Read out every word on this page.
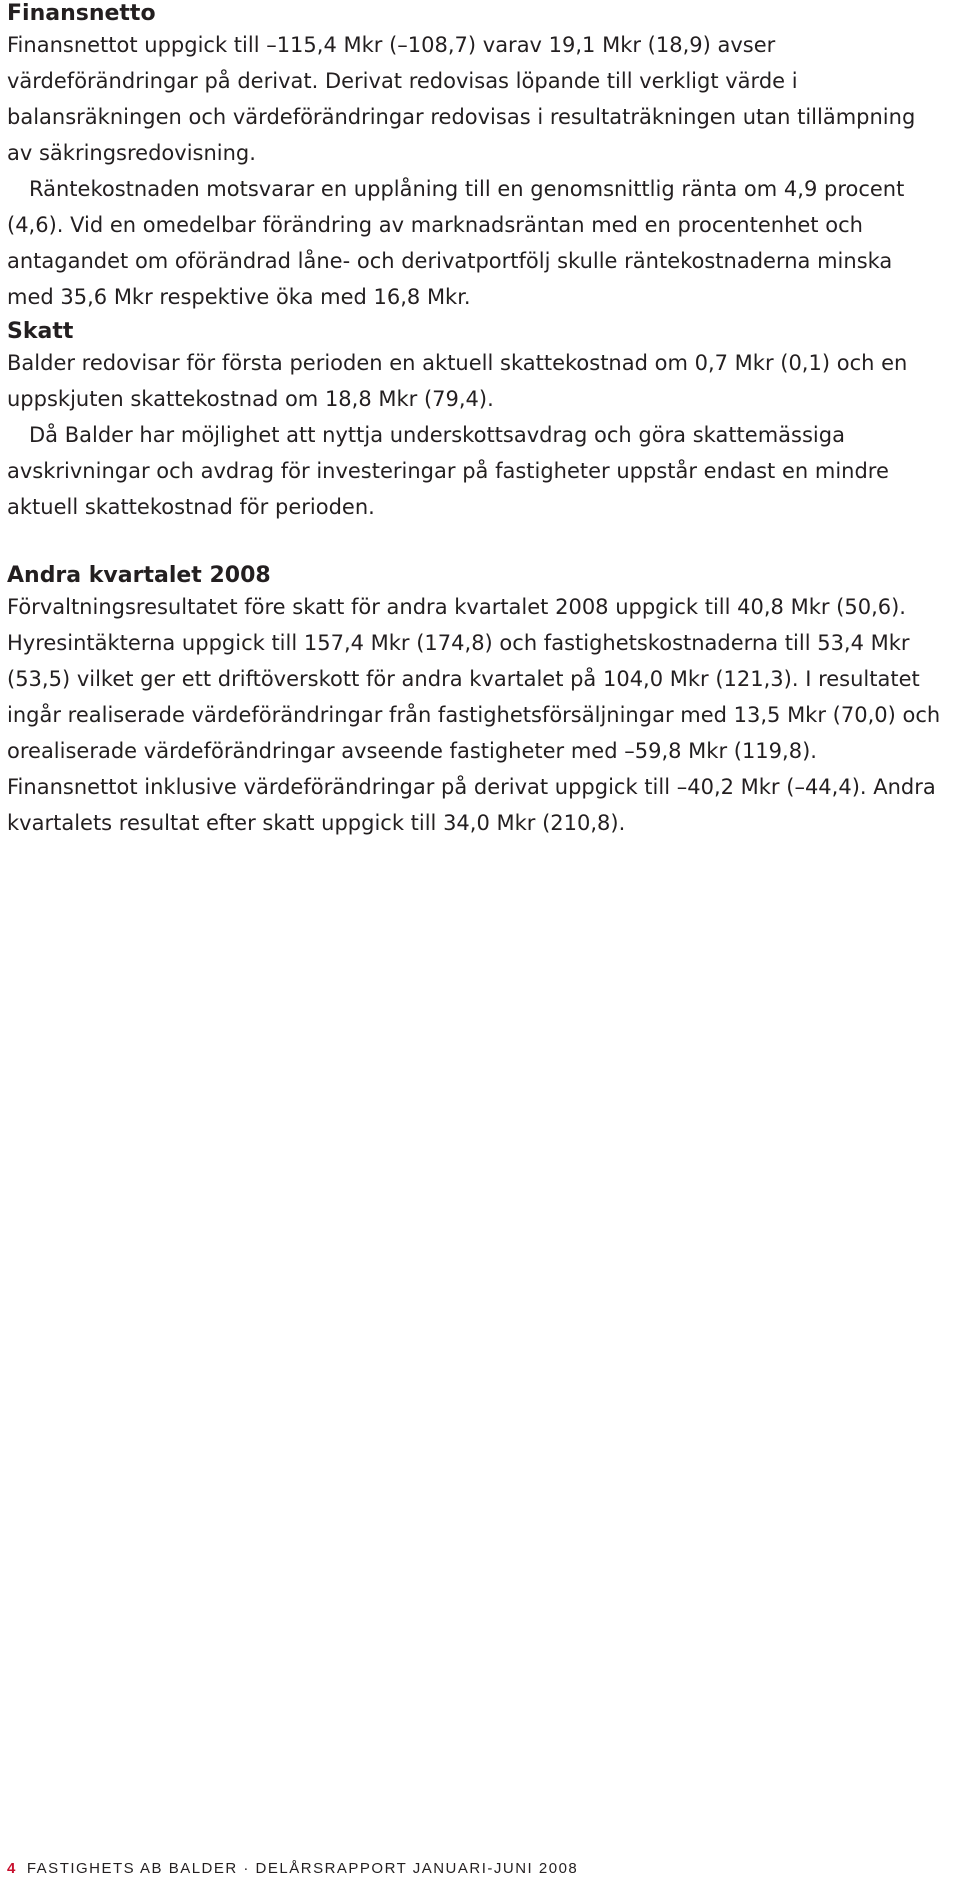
Finansnetto

Finansnettot uppgick till –115,4 Mkr (–108,7) varav 19,1 Mkr (18,9) avser värdeförändringar på derivat. Derivat redovisas löpande till verkligt värde i balansräkningen och värdeförändringar redovisas i resultaträkningen utan tillämpning av säkringsredovisning.

Räntekostnaden motsvarar en upplåning till en genomsnittlig ränta om 4,9 procent (4,6). Vid en omedelbar förändring av marknadsräntan med en procentenhet och antagandet om oförändrad låne- och derivatportfölj skulle räntekostnaderna minska med 35,6 Mkr respektive öka med 16,8 Mkr.

Skatt

Balder redovisar för första perioden en aktuell skattekostnad om 0,7 Mkr (0,1) och en uppskjuten skattekostnad om 18,8 Mkr (79,4).

Då Balder har möjlighet att nyttja underskottsavdrag och göra skattemässiga avskrivningar och avdrag för investeringar på fastigheter uppstår endast en mindre aktuell skattekostnad för perioden.

Andra kvartalet 2008

Förvaltningsresultatet före skatt för andra kvartalet 2008 uppgick till 40,8 Mkr (50,6). Hyresintäkterna uppgick till 157,4 Mkr (174,8) och fastighetskostnaderna till 53,4 Mkr (53,5) vilket ger ett driftöverskott för andra kvartalet på 104,0 Mkr (121,3). I resultatet ingår realiserade värdeförändringar från fastighetsförsäljningar med 13,5 Mkr (70,0) och orealiserade värdeförändringar avseende fastigheter med –59,8 Mkr (119,8). Finansnettot inklusive värdeförändringar på derivat uppgick till –40,2 Mkr (–44,4). Andra kvartalets resultat efter skatt uppgick till 34,0 Mkr (210,8).

4 FASTIGHETS AB BALDER · DELÅRSRAPPORT JANUARI-JUNI 2008
